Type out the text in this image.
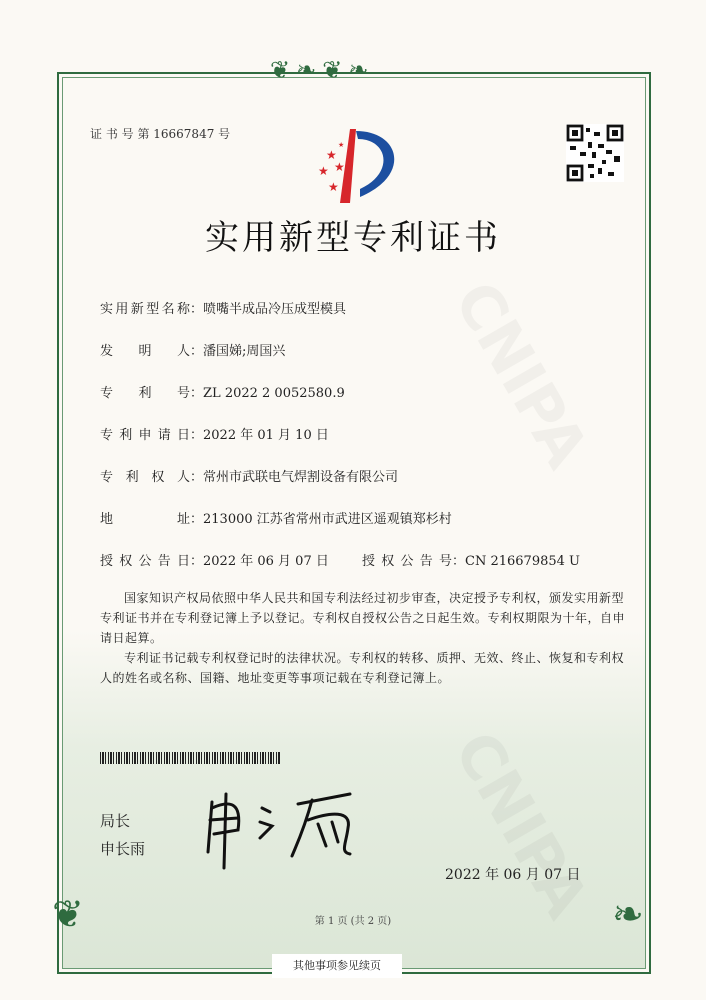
❦❧❦❧
❦	❧
证 书 号 第 16667847 号
★
★
★
★
★
实用新型专利证书
实用新型名称：喷嘴半成品冷压成型模具
发明人：潘国娣;周国兴
专利号：ZL 2022 2 0052580.9
专利申请日：2022 年 01 月 10 日
专利权人：常州市武联电气焊割设备有限公司
地址：213000 江苏省常州市武进区遥观镇郑杉村
授权公告日：2022 年 06 月 07 日	授权公告号：CN 216679854 U
国家知识产权局依照中华人民共和国专利法经过初步审查，决定授予专利权，颁发实用新型专利证书并在专利登记簿上予以登记。专利权自授权公告之日起生效。专利权期限为十年，自申请日起算。
专利证书记载专利权登记时的法律状况。专利权的转移、质押、无效、终止、恢复和专利权人的姓名或名称、国籍、地址变更等事项记载在专利登记簿上。
局长
申长雨
2022 年 06 月 07 日
第 1 页 (共 2 页)
其他事项参见续页
